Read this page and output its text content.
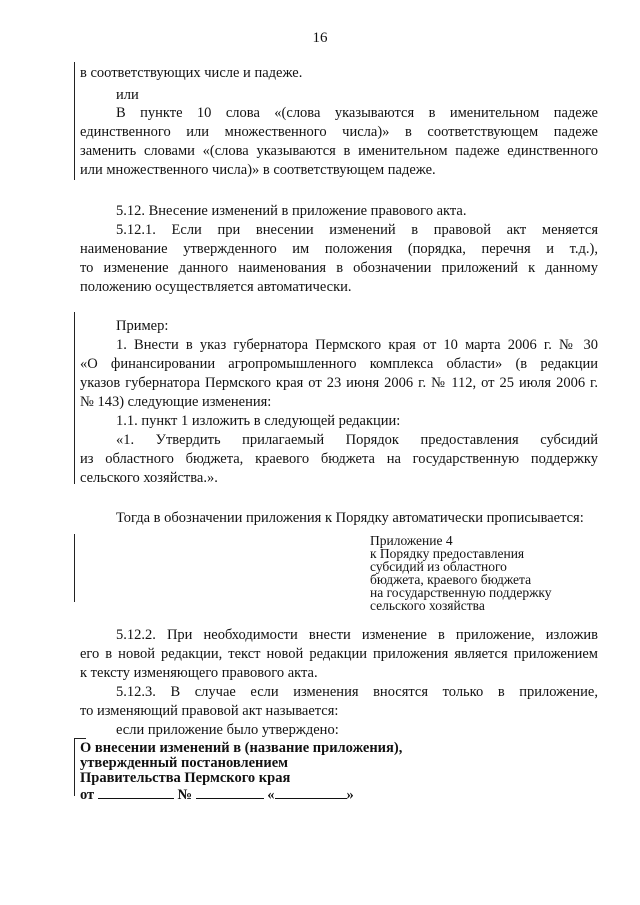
16
в соответствующих числе и падеже.
или
В пункте 10 слова «(слова указываются в именительном падеже
единственного или множественного числа)» в соответствующем падеже
заменить словами «(слова указываются в именительном падеже единственного
или множественного числа)» в соответствующем падеже.
5.12. Внесение изменений в приложение правового акта.
5.12.1. Если при внесении изменений в правовой акт меняется
наименование утвержденного им положения (порядка, перечня и т.д.),
то изменение данного наименования в обозначении приложений к данному
положению осуществляется автоматически.
Пример:
1. Внести в указ губернатора Пермского края от 10 марта 2006 г. № 30
«О финансировании агропромышленного комплекса области» (в редакции
указов губернатора Пермского края от 23 июня 2006 г. № 112, от 25 июля 2006 г.
№ 143) следующие изменения:
1.1. пункт 1 изложить в следующей редакции:
«1. Утвердить прилагаемый Порядок предоставления субсидий
из областного бюджета, краевого бюджета на государственную поддержку
сельского хозяйства.».
Тогда в обозначении приложения к Порядку автоматически прописывается:
Приложение 4
к Порядку предоставления
субсидий из областного
бюджета, краевого бюджета
на государственную поддержку
сельского хозяйства
5.12.2. При необходимости внести изменение в приложение, изложив
его в новой редакции, текст новой редакции приложения является приложением
к тексту изменяющего правового акта.
5.12.3. В случае если изменения вносятся только в приложение,
то изменяющий правовой акт называется:
если приложение было утверждено:
О внесении изменений в (название приложения),
утвержденный постановлением
Правительства Пермского края
от	№	«	»
